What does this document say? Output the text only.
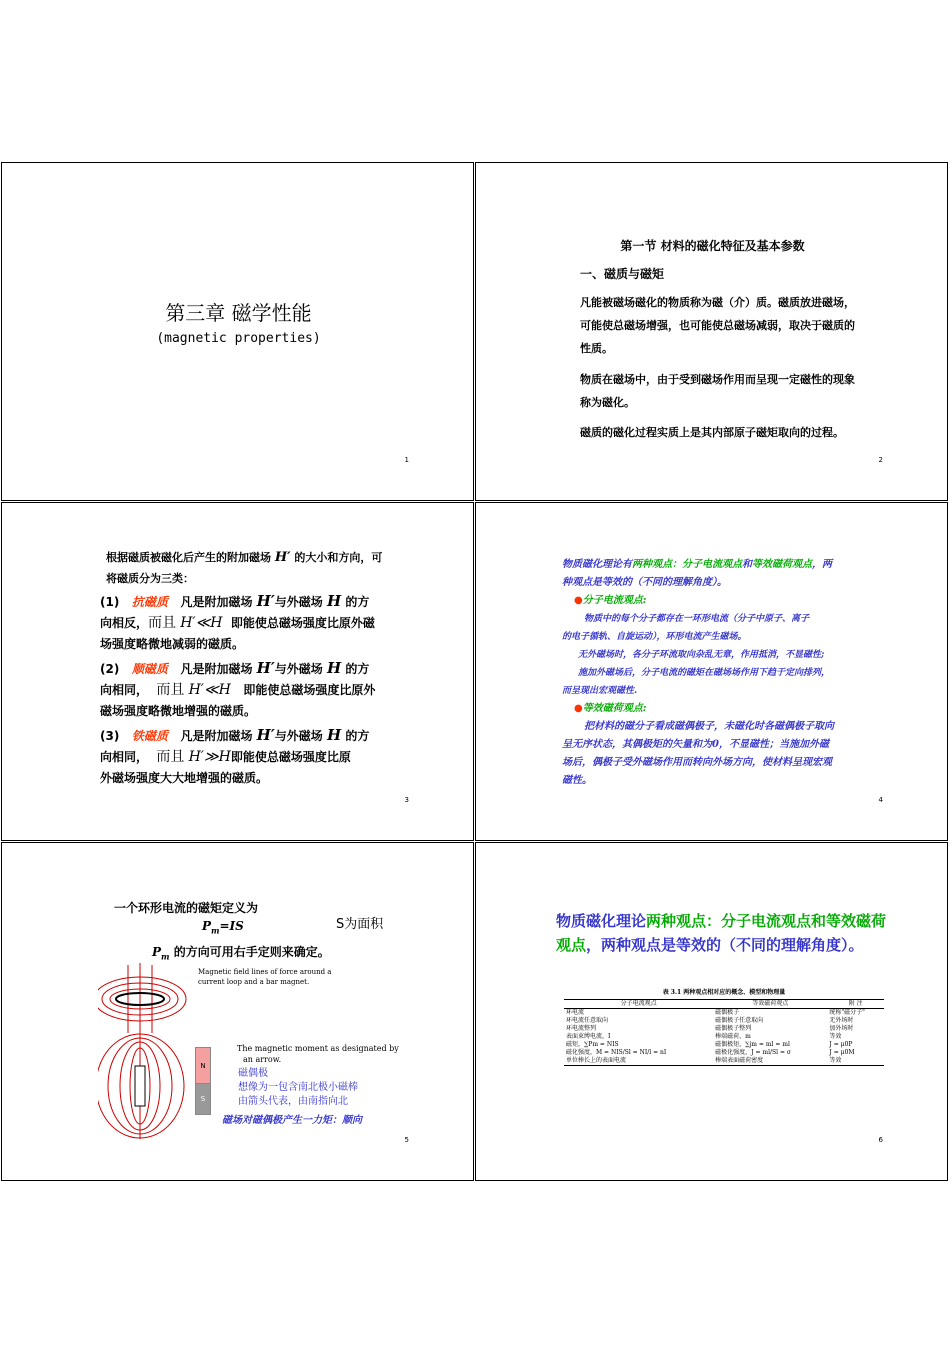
第三章 磁学性能
(magnetic properties)
1
第一节 材料的磁化特征及基本参数
一、磁质与磁矩
凡能被磁场磁化的物质称为磁（介）质。磁质放进磁场，
可能使总磁场增强，也可能使总磁场减弱，取决于磁质的
性质。
物质在磁场中，由于受到磁场作用而呈现一定磁性的现象
称为磁化。
磁质的磁化过程实质上是其内部原子磁矩取向的过程。
2
根据磁质被磁化后产生的附加磁场 H′ 的大小和方向，可
将磁质分为三类：
(1) 抗磁质 凡是附加磁场 H′与外磁场 H 的方
向相反，而且 H′≪H 即能使总磁场强度比原外磁
场强度略微地减弱的磁质。
(2) 顺磁质 凡是附加磁场 H′与外磁场 H 的方
向相同， 而且 H′≪H 即能使总磁场强度比原外
磁场强度略微地增强的磁质。
(3) 铁磁质 凡是附加磁场 H′与外磁场 H 的方
向相同， 而且 H′≫H即能使总磁场强度比原
外磁场强度大大地增强的磁质。
3
物质磁化理论有两种观点：分子电流观点和等效磁荷观点，两
种观点是等效的（不同的理解角度）。
●分子电流观点:
物质中的每个分子都存在一环形电流（分子中原子、离子
的电子循轨、自旋运动），环形电流产生磁场。
无外磁场时，各分子环流取向杂乱无章，作用抵消，不显磁性;
施加外磁场后，分子电流的磁矩在磁场场作用下趋于定向排列，
而呈现出宏观磁性.
●等效磁荷观点:
把材料的磁分子看成磁偶极子，未磁化时各磁偶极子取向
呈无序状态，其偶极矩的矢量和为0，不显磁性；当施加外磁
场后，偶极子受外磁场作用而转向外场方向，使材料呈现宏观
磁性。
4
一个环形电流的磁矩定义为
$P_m=IS$	S为面积
$P_m$ 的方向可用右手定则来确定。
Magnetic field lines of force around a
current loop and a bar magnet.
N
S
The magnetic moment as designated by
an arrow.
磁偶极
想像为一包含南北极小磁棒
由箭头代表，由南指向北
磁场对磁偶极产生一力矩：顺向
5
物质磁化理论两种观点：分子电流观点和等效磁荷
观点，两种观点是等效的（不同的理解角度）。
表 3.1 两种观点相对应的概念、模型和物理量
分子电流观点	等效磁荷观点	附 注
环电流	磁偶极子	统称"磁分子"
环电流任意取向	磁偶极子任意取向	无外场时
环电流整列	磁偶极子整列	加外场时
表面束缚电流，I	棒端磁荷，m	等效
磁矩，∑Pm = NIS	磁偶极矩，∑jm = ml = ml	J = μ0P
磁化强度，M = NIS/Sl = NI/l = nI	磁极化强度，J = ml/Sl = σ	J = μ0M
单位棒长上的表面电流	棒端表面磁荷密度	等效
6
